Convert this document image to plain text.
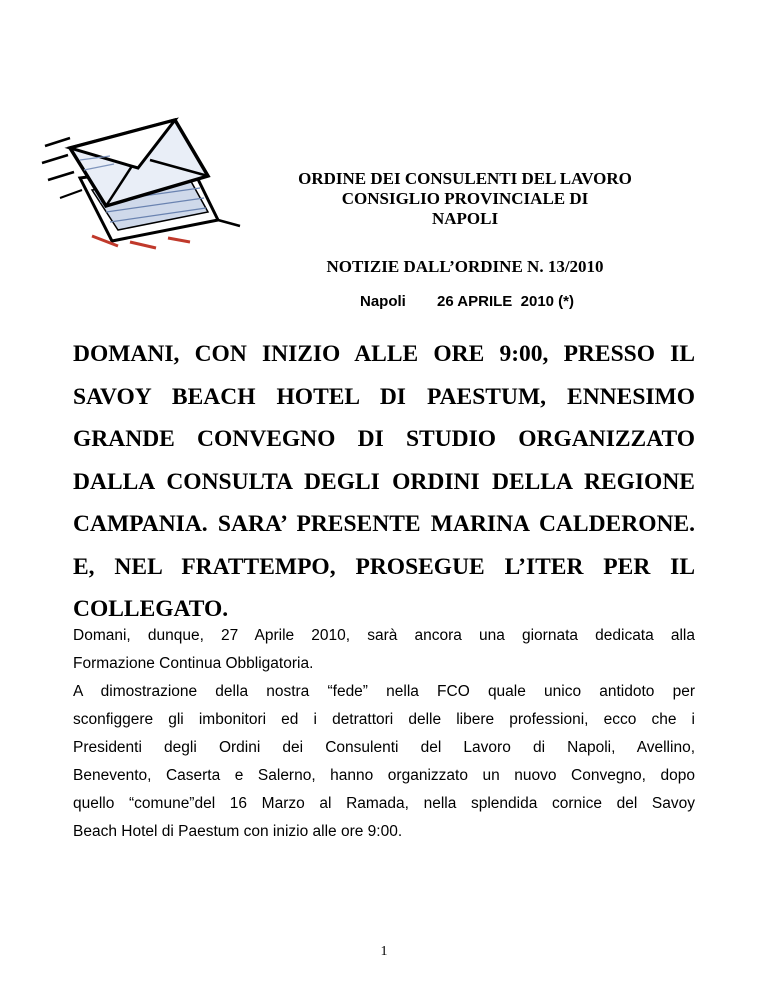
ORDINE DEI CONSULENTI DEL LAVORO
CONSIGLIO PROVINCIALE DI
NAPOLI
NOTIZIE DALL’ORDINE N. 13/2010
Napoli 26 APRILE  2010 (*)
DOMANI, CON INIZIO ALLE ORE 9:00, PRESSO IL
SAVOY BEACH HOTEL DI PAESTUM, ENNESIMO
GRANDE CONVEGNO DI STUDIO ORGANIZZATO
DALLA CONSULTA DEGLI ORDINI DELLA REGIONE
CAMPANIA. SARA’ PRESENTE MARINA CALDERONE.
E, NEL FRATTEMPO, PROSEGUE L’ITER PER IL
COLLEGATO.
Domani, dunque, 27 Aprile 2010, sarà ancora una giornata dedicata alla
Formazione Continua Obbligatoria.
A dimostrazione della nostra “fede” nella FCO quale unico antidoto per
sconfiggere gli imbonitori ed i detrattori delle libere professioni, ecco che i
Presidenti degli Ordini dei Consulenti del Lavoro di Napoli, Avellino,
Benevento, Caserta e Salerno, hanno organizzato un nuovo Convegno, dopo
quello “comune”del 16 Marzo al Ramada, nella splendida cornice del Savoy
Beach Hotel di Paestum con inizio alle ore 9:00.
1
